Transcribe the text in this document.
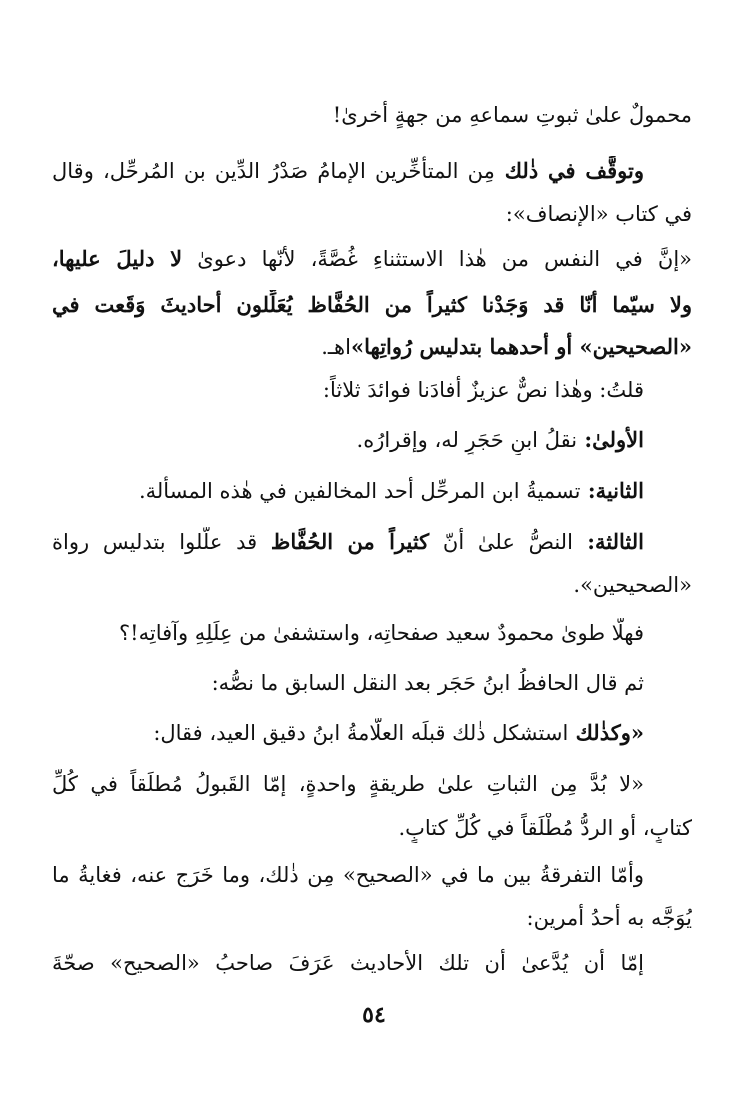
محمولٌ علىٰ ثبوتِ سماعهِ من جهةٍ أخرىٰ!
وتوقَّف في ذٰلك مِن المتأخِّرين الإمامُ صَدْرُ الدِّين بن المُرحِّل، وقال
في كتاب «الإنصاف»:
«إنَّ في النفس من هٰذا الاستثناءِ غُصَّةً، لأنّها دعوىٰ لا دليلَ عليها،
ولا سيّما أنّا قد وَجَدْنا كثيراً من الحُفَّاظ يُعَلِّلون أحاديثَ وَقَعت في
«الصحيحين» أو أحدهما بتدليس رُواتِها»اهـ.
قلتُ: وهٰذا نصٌّ عزيزٌ أفادَنا فوائدَ ثلاثاً:
الأولىٰ: نقلُ ابنِ حَجَرٍ له، وإقرارُه.
الثانية: تسميةُ ابن المرحِّل أحد المخالفين في هٰذه المسألة.
الثالثة: النصُّ علىٰ أنّ كثيراً من الحُفَّاظ قد علَّلوا بتدليس رواة
«الصحيحين».
فهلَّا طوىٰ محمودٌ سعيد صفحاتِه، واستشفىٰ من عِلَلِهِ وآفاتِه!؟
ثم قال الحافظُ ابنُ حَجَر بعد النقل السابق ما نصُّه:
«وكذٰلك استشكل ذٰلك قبلَه العلّامةُ ابنُ دقيق العيد، فقال:
«لا بُدَّ مِن الثباتِ علىٰ طريقةٍ واحدةٍ، إمّا القَبولُ مُطلَقاً في كُلِّ
كتابٍ، أو الردُّ مُطْلَقاً في كُلِّ كتابٍ.
وأمّا التفرقةُ بين ما في «الصحيح» مِن ذٰلك، وما خَرَج عنه، فغايةُ ما
يُوَجَّه به أحدُ أمرين:
إمّا أن يُدَّعىٰ أن تلك الأحاديث عَرَفَ صاحبُ «الصحيح» صحّةَ
٥٤
